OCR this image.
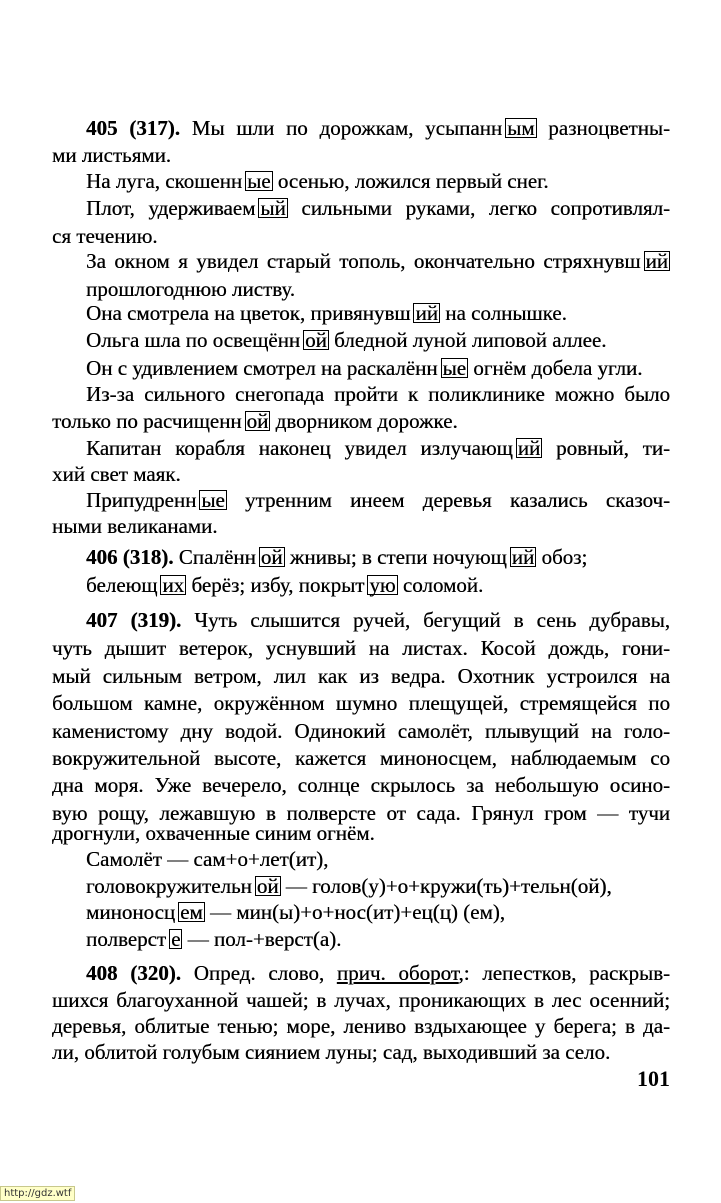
405 (317). Мы шли по дорожкам, усыпанн ым разноцветны-
ми листьями.
На луга, скошенн ые осенью, ложился первый снег.
Плот, удерживаем ый сильными руками, легко сопротивлял-
ся течению.
За окном я увидел старый тополь, окончательно стряхнувш ий
прошлогоднюю листву.
Она смотрела на цветок, привянувш ий на солнышке.
Ольга шла по освещённ ой бледной луной липовой аллее.
Он с удивлением смотрел на раскалённ ые огнём добела угли.
Из-за сильного снегопада пройти к поликлинике можно было
только по расчищенн ой дворником дорожке.
Капитан корабля наконец увидел излучающ ий ровный, ти-
хий свет маяк.
Припудренн ые утренним инеем деревья казались сказоч-
ными великанами.
406 (318). Спалённ ой жнивы; в степи ночующ ий обоз;
белеющ их берёз; избу, покрыт ую соломой.
407 (319). Чуть слышится ручей, бегущий в сень дубравы,
чуть дышит ветерок, уснувший на листах. Косой дождь, гони-
мый сильным ветром, лил как из ведра. Охотник устроился на
большом камне, окружённом шумно плещущей, стремящейся по
каменистому дну водой. Одинокий самолёт, плывущий на голо-
вокружительной высоте, кажется миноносцем, наблюдаемым со
дна моря. Уже вечерело, солнце скрылось за небольшую осино-
вую рощу, лежавшую в полверсте от сада. Грянул гром — тучи
дрогнули, охваченные синим огнём.
Самолёт — сам+о+лет(ит),
головокружительн ой — голов(у)+о+кружи(ть)+тельн(ой),
миноносц ем — мин(ы)+о+нос(ит)+ец(ц) (ем),
полверст е — пол-+верст(а).
408 (320). Опред. слово, прич. оборот,: лепестков, раскрыв-
шихся благоуханной чашей; в лучах, проникающих в лес осенний;
деревья, облитые тенью; море, лениво вздыхающее у берега; в да-
ли, облитой голубым сиянием луны; сад, выходивший за село.
101
http://gdz.wtf
